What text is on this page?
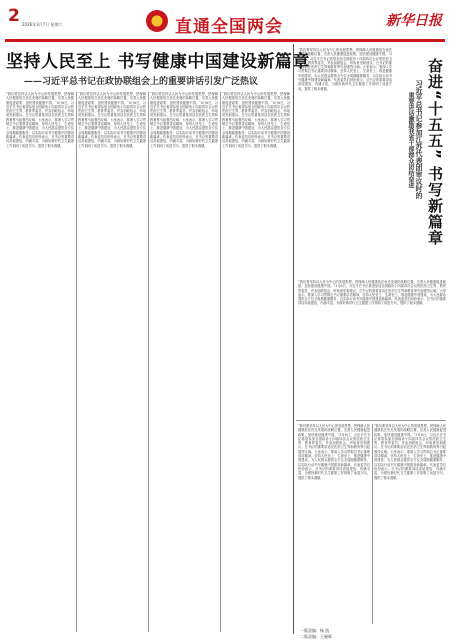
2 2026年3月7日 星期六	直通全国两会	新华日报
坚持人民至上 书写健康中国建设新篇章
——习近平总书记在政协联组会上的重要讲话引发广泛热议

“我们要坚持以人民为中心的发展思想，把保障人民健康放在优先发展的战略位置，完善人民健康促进政策，加快建设健康中国。”3月6日，习近平总书记看望参加全国政协十四届四次会议的医药卫生界、教育界委员，并参加联组会，听取意见和建议。总书记的重要讲话在医药卫生界和教育界引起强烈反响。大家表示，要深入学习贯彻总书记重要讲话精神，坚持人民至上、生命至上，推进健康中国建设，为人民群众提供全方位全周期健康服务，以实际行动书写健康中国建设新篇章。代表委员们纷纷表示，总书记的重要讲话高屋建瓴、内涵丰富，为做好新时代卫生健康工作指明了前进方向，提供了根本遵循。

“我们要坚持以人民为中心的发展思想，把保障人民健康放在优先发展的战略位置，完善人民健康促进政策，加快建设健康中国。”3月6日，习近平总书记看望参加全国政协十四届四次会议的医药卫生界、教育界委员，并参加联组会，听取意见和建议。总书记的重要讲话在医药卫生界和教育界引起强烈反响。大家表示，要深入学习贯彻总书记重要讲话精神，坚持人民至上、生命至上，推进健康中国建设，为人民群众提供全方位全周期健康服务，以实际行动书写健康中国建设新篇章。代表委员们纷纷表示，总书记的重要讲话高屋建瓴、内涵丰富，为做好新时代卫生健康工作指明了前进方向，提供了根本遵循。

“我们要坚持以人民为中心的发展思想，把保障人民健康放在优先发展的战略位置，完善人民健康促进政策，加快建设健康中国。”3月6日，习近平总书记看望参加全国政协十四届四次会议的医药卫生界、教育界委员，并参加联组会，听取意见和建议。总书记的重要讲话在医药卫生界和教育界引起强烈反响。大家表示，要深入学习贯彻总书记重要讲话精神，坚持人民至上、生命至上，推进健康中国建设，为人民群众提供全方位全周期健康服务，以实际行动书写健康中国建设新篇章。代表委员们纷纷表示，总书记的重要讲话高屋建瓴、内涵丰富，为做好新时代卫生健康工作指明了前进方向，提供了根本遵循。

“我们要坚持以人民为中心的发展思想，把保障人民健康放在优先发展的战略位置，完善人民健康促进政策，加快建设健康中国。”3月6日，习近平总书记看望参加全国政协十四届四次会议的医药卫生界、教育界委员，并参加联组会，听取意见和建议。总书记的重要讲话在医药卫生界和教育界引起强烈反响。大家表示，要深入学习贯彻总书记重要讲话精神，坚持人民至上、生命至上，推进健康中国建设，为人民群众提供全方位全周期健康服务，以实际行动书写健康中国建设新篇章。代表委员们纷纷表示，总书记的重要讲话高屋建瓴、内涵丰富，为做好新时代卫生健康工作指明了前进方向，提供了根本遵循。

“我们要坚持以人民为中心的发展思想，把保障人民健康放在优先发展的战略位置，完善人民健康促进政策，加快建设健康中国。”3月6日，习近平总书记看望参加全国政协十四届四次会议的医药卫生界、教育界委员，并参加联组会，听取意见和建议。总书记的重要讲话在医药卫生界和教育界引起强烈反响。大家表示，要深入学习贯彻总书记重要讲话精神，坚持人民至上、生命至上，推进健康中国建设，为人民群众提供全方位全周期健康服务，以实际行动书写健康中国建设新篇章。代表委员们纷纷表示，总书记的重要讲话高屋建瓴、内涵丰富，为做好新时代卫生健康工作指明了前进方向，提供了根本遵循。	奋进“十五五” 书写新篇章
习近平总书记参加江苏代表团审议时的
重要讲话激励我省干部群众团结奋进

“我们要坚持以人民为中心的发展思想，把保障人民健康放在优先发展的战略位置，完善人民健康促进政策，加快建设健康中国。”3月6日，习近平总书记看望参加全国政协十四届四次会议的医药卫生界、教育界委员，并参加联组会，听取意见和建议。总书记的重要讲话在医药卫生界和教育界引起强烈反响。大家表示，要深入学习贯彻总书记重要讲话精神，坚持人民至上、生命至上，推进健康中国建设，为人民群众提供全方位全周期健康服务，以实际行动书写健康中国建设新篇章。代表委员们纷纷表示，总书记的重要讲话高屋建瓴、内涵丰富，为做好新时代卫生健康工作指明了前进方向，提供了根本遵循。

“我们要坚持以人民为中心的发展思想，把保障人民健康放在优先发展的战略位置，完善人民健康促进政策，加快建设健康中国。”3月6日，习近平总书记看望参加全国政协十四届四次会议的医药卫生界、教育界委员，并参加联组会，听取意见和建议。总书记的重要讲话在医药卫生界和教育界引起强烈反响。大家表示，要深入学习贯彻总书记重要讲话精神，坚持人民至上、生命至上，推进健康中国建设，为人民群众提供全方位全周期健康服务，以实际行动书写健康中国建设新篇章。代表委员们纷纷表示，总书记的重要讲话高屋建瓴、内涵丰富，为做好新时代卫生健康工作指明了前进方向，提供了根本遵循。

“我们要坚持以人民为中心的发展思想，把保障人民健康放在优先发展的战略位置，完善人民健康促进政策，加快建设健康中国。”3月6日，习近平总书记看望参加全国政协十四届四次会议的医药卫生界、教育界委员，并参加联组会，听取意见和建议。总书记的重要讲话在医药卫生界和教育界引起强烈反响。大家表示，要深入学习贯彻总书记重要讲话精神，坚持人民至上、生命至上，推进健康中国建设，为人民群众提供全方位全周期健康服务，以实际行动书写健康中国建设新篇章。代表委员们纷纷表示，总书记的重要讲话高屋建瓴、内涵丰富，为做好新时代卫生健康工作指明了前进方向，提供了根本遵循。

一版责编：杨 凯
二版责编：王晓晖
